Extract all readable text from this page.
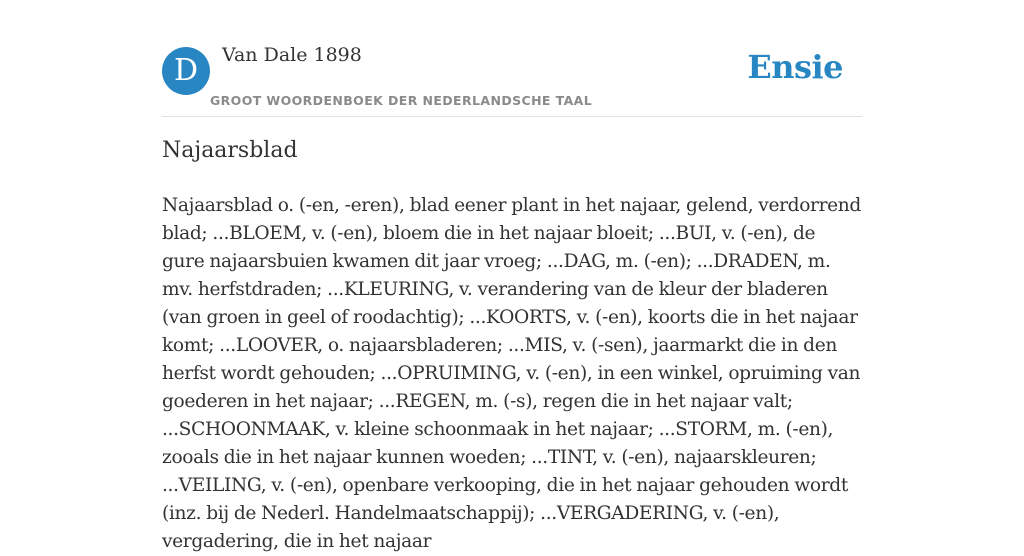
D	Van Dale 1898
GROOT WOORDENBOEK DER NEDERLANDSCHE TAAL
Ensie
Najaarsblad

Najaarsblad o. (-en, -eren), blad eener plant in het najaar, gelend, verdorrend blad; ...BLOEM, v. (-en), bloem die in het najaar bloeit; ...BUI, v. (-en), de gure najaarsbuien kwamen dit jaar vroeg; ...DAG, m. (-en); ...DRADEN, m. mv. herfstdraden; ...KLEURING, v. verandering van de kleur der bladeren (van groen in geel of roodachtig); ...KOORTS, v. (-en), koorts die in het najaar komt; ...LOOVER, o. najaarsbladeren; ...MIS, v. (-sen), jaarmarkt die in den herfst wordt gehouden; ...OPRUIMING, v. (-en), in een winkel, opruiming van goederen in het najaar; ...REGEN, m. (-s), regen die in het najaar valt; ...SCHOONMAAK, v. kleine schoonmaak in het najaar; ...STORM, m. (-en), zooals die in het najaar kunnen woeden; ...TINT, v. (-en), najaarskleuren; ...VEILING, v. (-en), openbare verkooping, die in het najaar gehouden wordt (inz. bij de Nederl. Handelmaatschappij); ...VERGADERING, v. (-en), vergadering, die in het najaar
